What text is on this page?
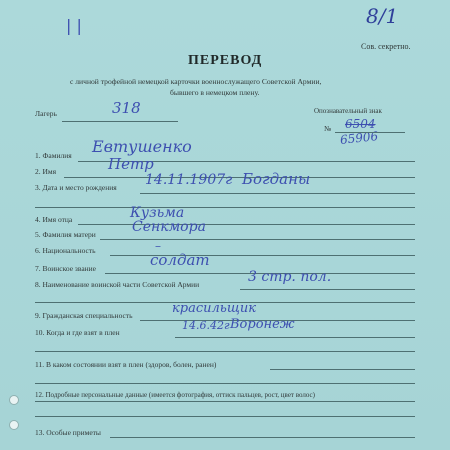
8/1
| |
Сов. секретно.
ПЕРЕВОД
с личной трофейной немецкой карточки военнослужащего Советской Армии,
бывшего в немецком плену.
Лагерь	318	Опознавательный знак
№ 6504
65906
1. Фамилия Евтушенко
2. Имя	Петр
3. Дата и место рождения 14.11.1907г Богданы
4. Имя отца	Кузьма
5. Фамилия матери	Сенкмора
6. Национальность	–
7. Воинское звание	солдат
8. Наименование воинской части Советской Армии	3 стр. пол.
9. Гражданская специальность	красильщик
10. Когда и где взят в плен
14.6.42г Воронеж
11. В каком состоянии взят в плен (здоров, болен, ранен)
12. Подробные персональные данные (имеется фотография, оттиск пальцев, рост, цвет волос)
13. Особые приметы
